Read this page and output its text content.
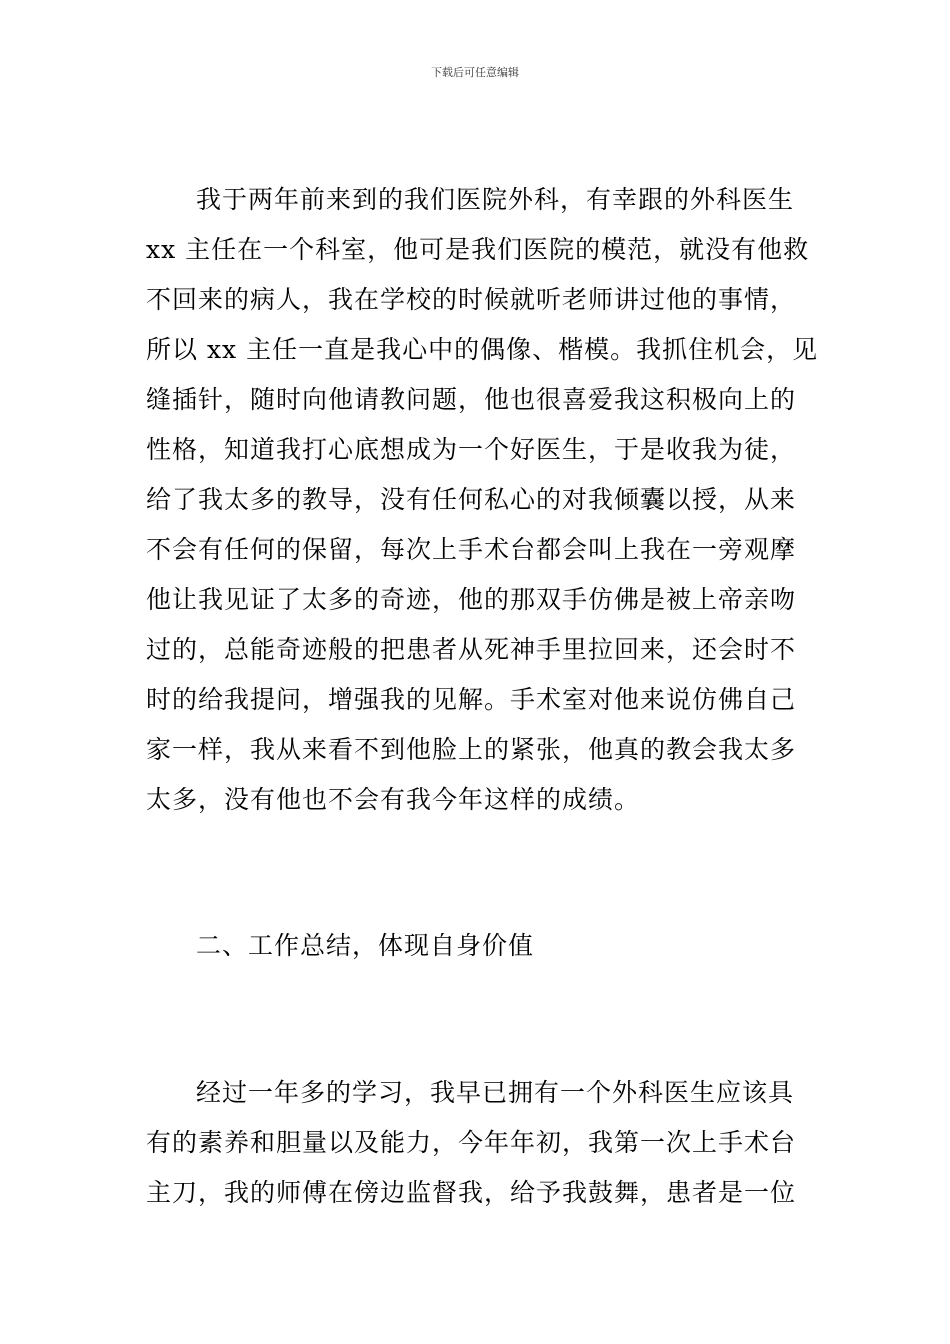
下载后可任意编辑
我于两年前来到的我们医院外科，有幸跟的外科医生
xx 主任在一个科室，他可是我们医院的模范，就没有他救
不回来的病人，我在学校的时候就听老师讲过他的事情，
所以 xx 主任一直是我心中的偶像、楷模。我抓住机会，见
缝插针，随时向他请教问题，他也很喜爱我这积极向上的
性格，知道我打心底想成为一个好医生，于是收我为徒，
给了我太多的教导，没有任何私心的对我倾囊以授，从来
不会有任何的保留，每次上手术台都会叫上我在一旁观摩
他让我见证了太多的奇迹，他的那双手仿佛是被上帝亲吻
过的，总能奇迹般的把患者从死神手里拉回来，还会时不
时的给我提问，增强我的见解。手术室对他来说仿佛自己
家一样，我从来看不到他脸上的紧张，他真的教会我太多
太多，没有他也不会有我今年这样的成绩。
二、工作总结，体现自身价值
经过一年多的学习，我早已拥有一个外科医生应该具
有的素养和胆量以及能力，今年年初，我第一次上手术台
主刀，我的师傅在傍边监督我，给予我鼓舞，患者是一位
